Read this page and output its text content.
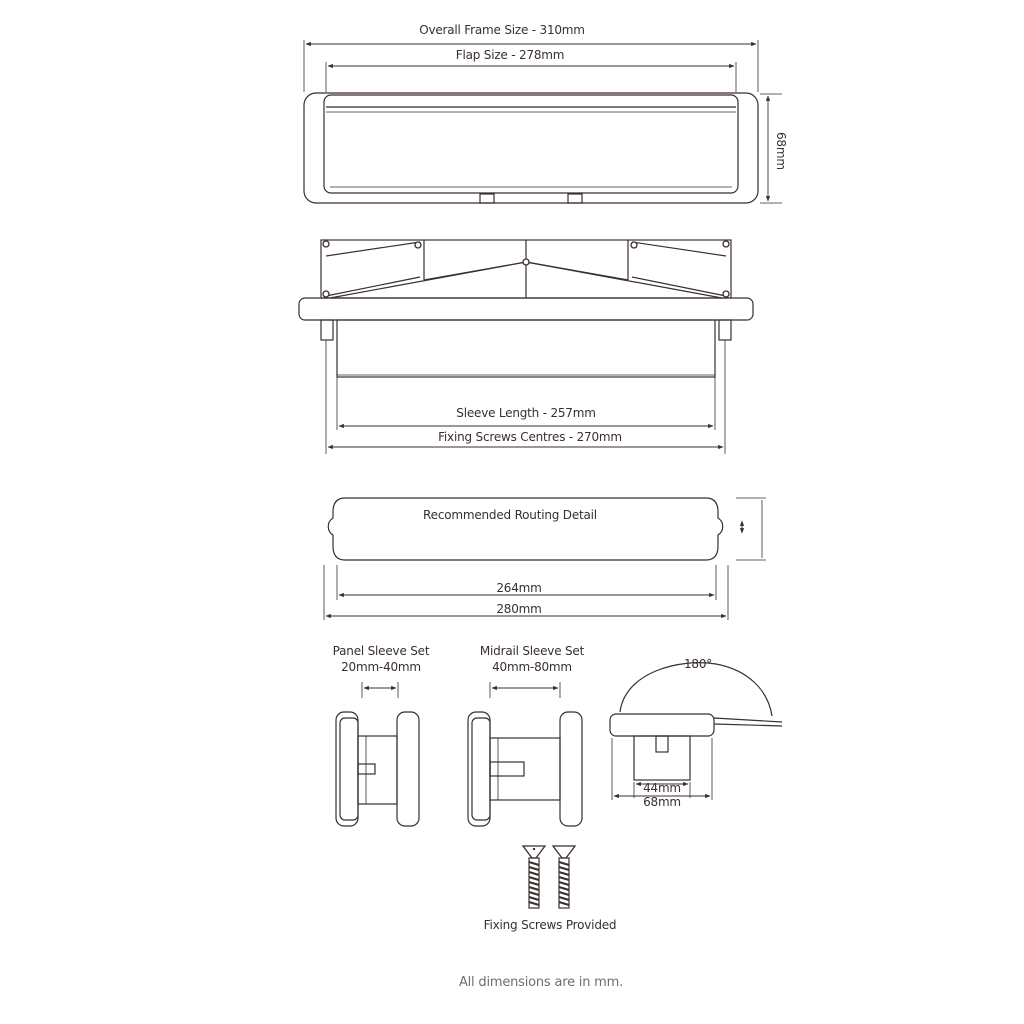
Overall Frame Size - 310mm
Flap Size - 278mm
68mm
Sleeve Length - 257mm
Fixing Screws Centres - 270mm
Recommended Routing Detail
264mm
280mm
Panel Sleeve Set
20mm-40mm
Midrail Sleeve Set
40mm-80mm	180°
44mm
68mm
Fixing Screws Provided
All dimensions are in mm.
